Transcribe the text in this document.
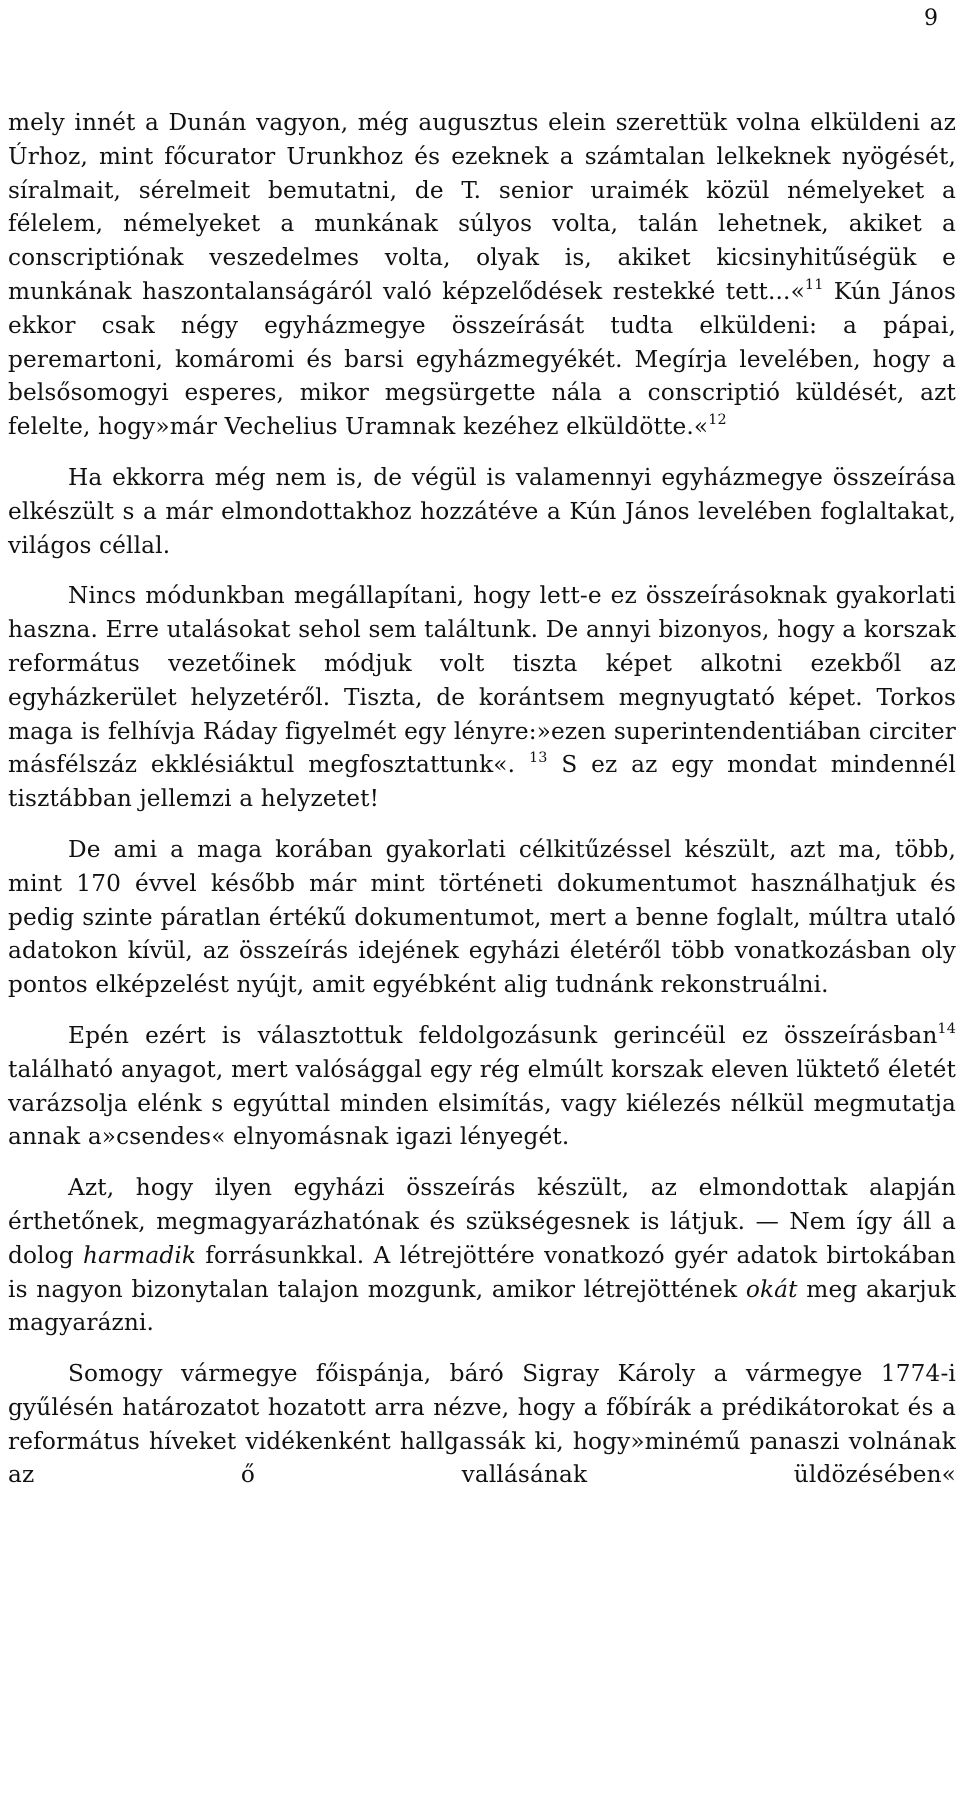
9

mely innét a Dunán vagyon, még augusztus elein szerettük volna elküldeni az Úrhoz, mint főcurator Urunkhoz és ezeknek a számtalan lelkeknek nyögését, síralmait, sérelmeit bemutatni, de T. senior uraimék közül némelyeket a félelem, némelyeket a munkának súlyos volta, talán lehetnek, akiket a conscriptiónak veszedelmes volta, olyak is, akiket kicsinyhitűségük e munkának haszontalanságáról való képzelődések restekké tett...«$^{11}$ Kún János ekkor csak négy egyházmegye összeírását tudta elküldeni: a pápai, peremartoni, komáromi és barsi egyházmegyékét. Megírja levelében, hogy a belsősomogyi esperes, mikor megsürgette nála a conscriptió küldését, azt felelte, hogy»már Vechelius Uramnak kezéhez elküldötte.«$^{12}$

Ha ekkorra még nem is, de végül is valamennyi egyházmegye összeírása elkészült s a már elmondottakhoz hozzátéve a Kún János levelében foglaltakat, világos céllal.

Nincs módunkban megállapítani, hogy lett-e ez összeírásoknak gyakorlati haszna. Erre utalásokat sehol sem találtunk. De annyi bizonyos, hogy a korszak református vezetőinek módjuk volt tiszta képet alkotni ezekből az egyházkerület helyzetéről. Tiszta, de korántsem megnyugtató képet. Torkos maga is felhívja Ráday figyelmét egy lényre:»ezen superintendentiában circiter másfélszáz ekklésiáktul megfosztattunk«. $^{13}$ S ez az egy mondat mindennél tisztábban jellemzi a helyzetet!

De ami a maga korában gyakorlati célkitűzéssel készült, azt ma, több, mint 170 évvel később már mint történeti dokumentumot használhatjuk és pedig szinte páratlan értékű dokumentumot, mert a benne foglalt, múltra utaló adatokon kívül, az összeírás idejének egyházi életéről több vonatkozásban oly pontos elképzelést nyújt, amit egyébként alig tudnánk rekonstruálni.

Epén ezért is választottuk feldolgozásunk gerincéül ez összeírásban$^{14}$ található anyagot, mert valósággal egy rég elmúlt korszak eleven lüktető életét varázsolja elénk s egyúttal minden elsimítás, vagy kiélezés nélkül megmutatja annak a»csendes« elnyomásnak igazi lényegét.

Azt, hogy ilyen egyházi összeírás készült, az elmondottak alapján érthetőnek, megmagyarázhatónak és szükségesnek is látjuk. — Nem így áll a dolog harmadik forrásunkkal. A létrejöttére vonatkozó gyér adatok birtokában is nagyon bizonytalan talajon mozgunk, amikor létrejöttének okát meg akarjuk magyarázni.

Somogy vármegye főispánja, báró Sigray Károly a vármegye 1774-i gyűlésén határozatot hozatott arra nézve, hogy a főbírák a prédikátorokat és a református híveket vidékenként hallgassák ki, hogy»minémű panaszi volnának az ő vallásának üldözésében«
